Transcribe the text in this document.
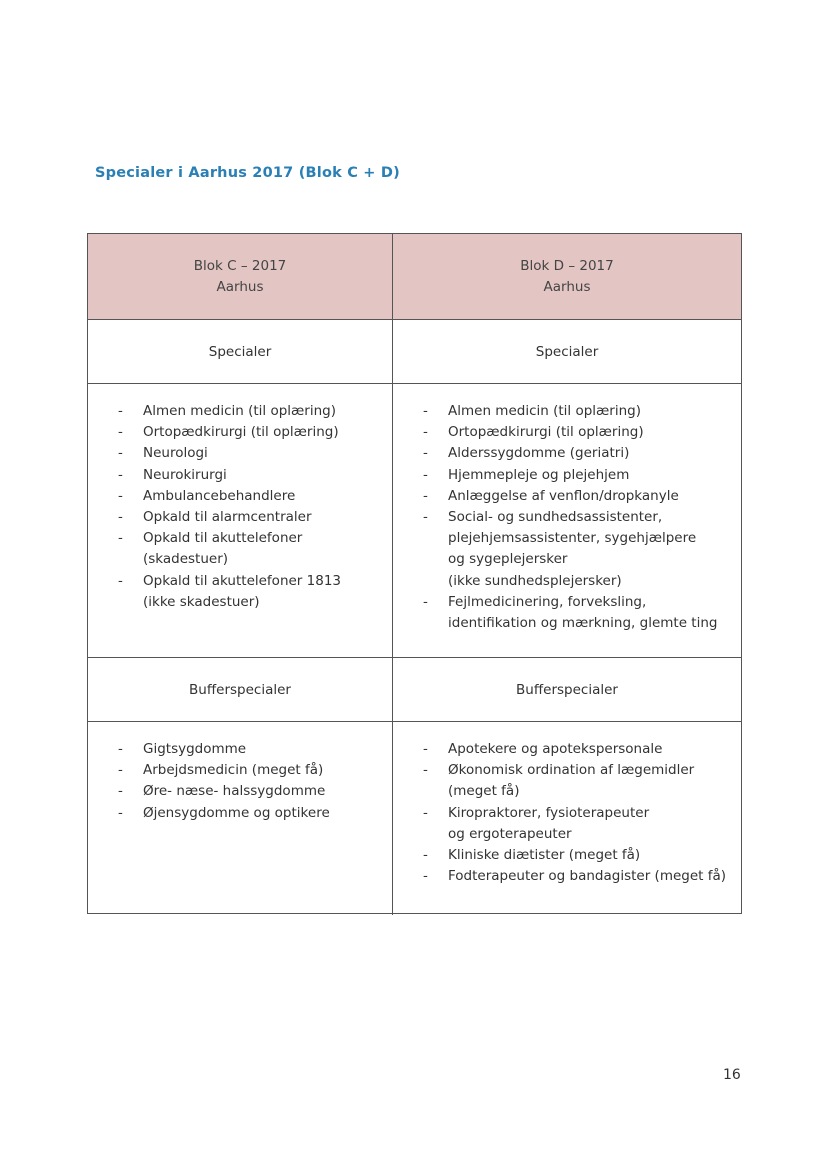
Specialer i Aarhus 2017 (Blok C + D)
Blok C – 2017
Aarhus
Blok D – 2017
Aarhus
Specialer	Specialer
- Almen medicin (til oplæring)
- Ortopædkirurgi (til oplæring)
- Neurologi
- Neurokirurgi
- Ambulancebehandlere
- Opkald til alarmcentraler
- Opkald til akuttelefoner
(skadestuer)
- Opkald til akuttelefoner 1813
(ikke skadestuer)
- Almen medicin (til oplæring)
- Ortopædkirurgi (til oplæring)
- Alderssygdomme (geriatri)
- Hjemmepleje og plejehjem
- Anlæggelse af venflon/dropkanyle
- Social- og sundhedsassistenter,
plejehjemsassistenter, sygehjælpere
og sygeplejersker
(ikke sundhedsplejersker)
- Fejlmedicinering, forveksling,
identifikation og mærkning, glemte ting
Bufferspecialer	Bufferspecialer
- Gigtsygdomme
- Arbejdsmedicin (meget få)
- Øre- næse- halssygdomme
- Øjensygdomme og optikere
- Apotekere og apotekspersonale
- Økonomisk ordination af lægemidler
(meget få)
- Kiropraktorer, fysioterapeuter
og ergoterapeuter
- Kliniske diætister (meget få)
- Fodterapeuter og bandagister (meget få)
16
